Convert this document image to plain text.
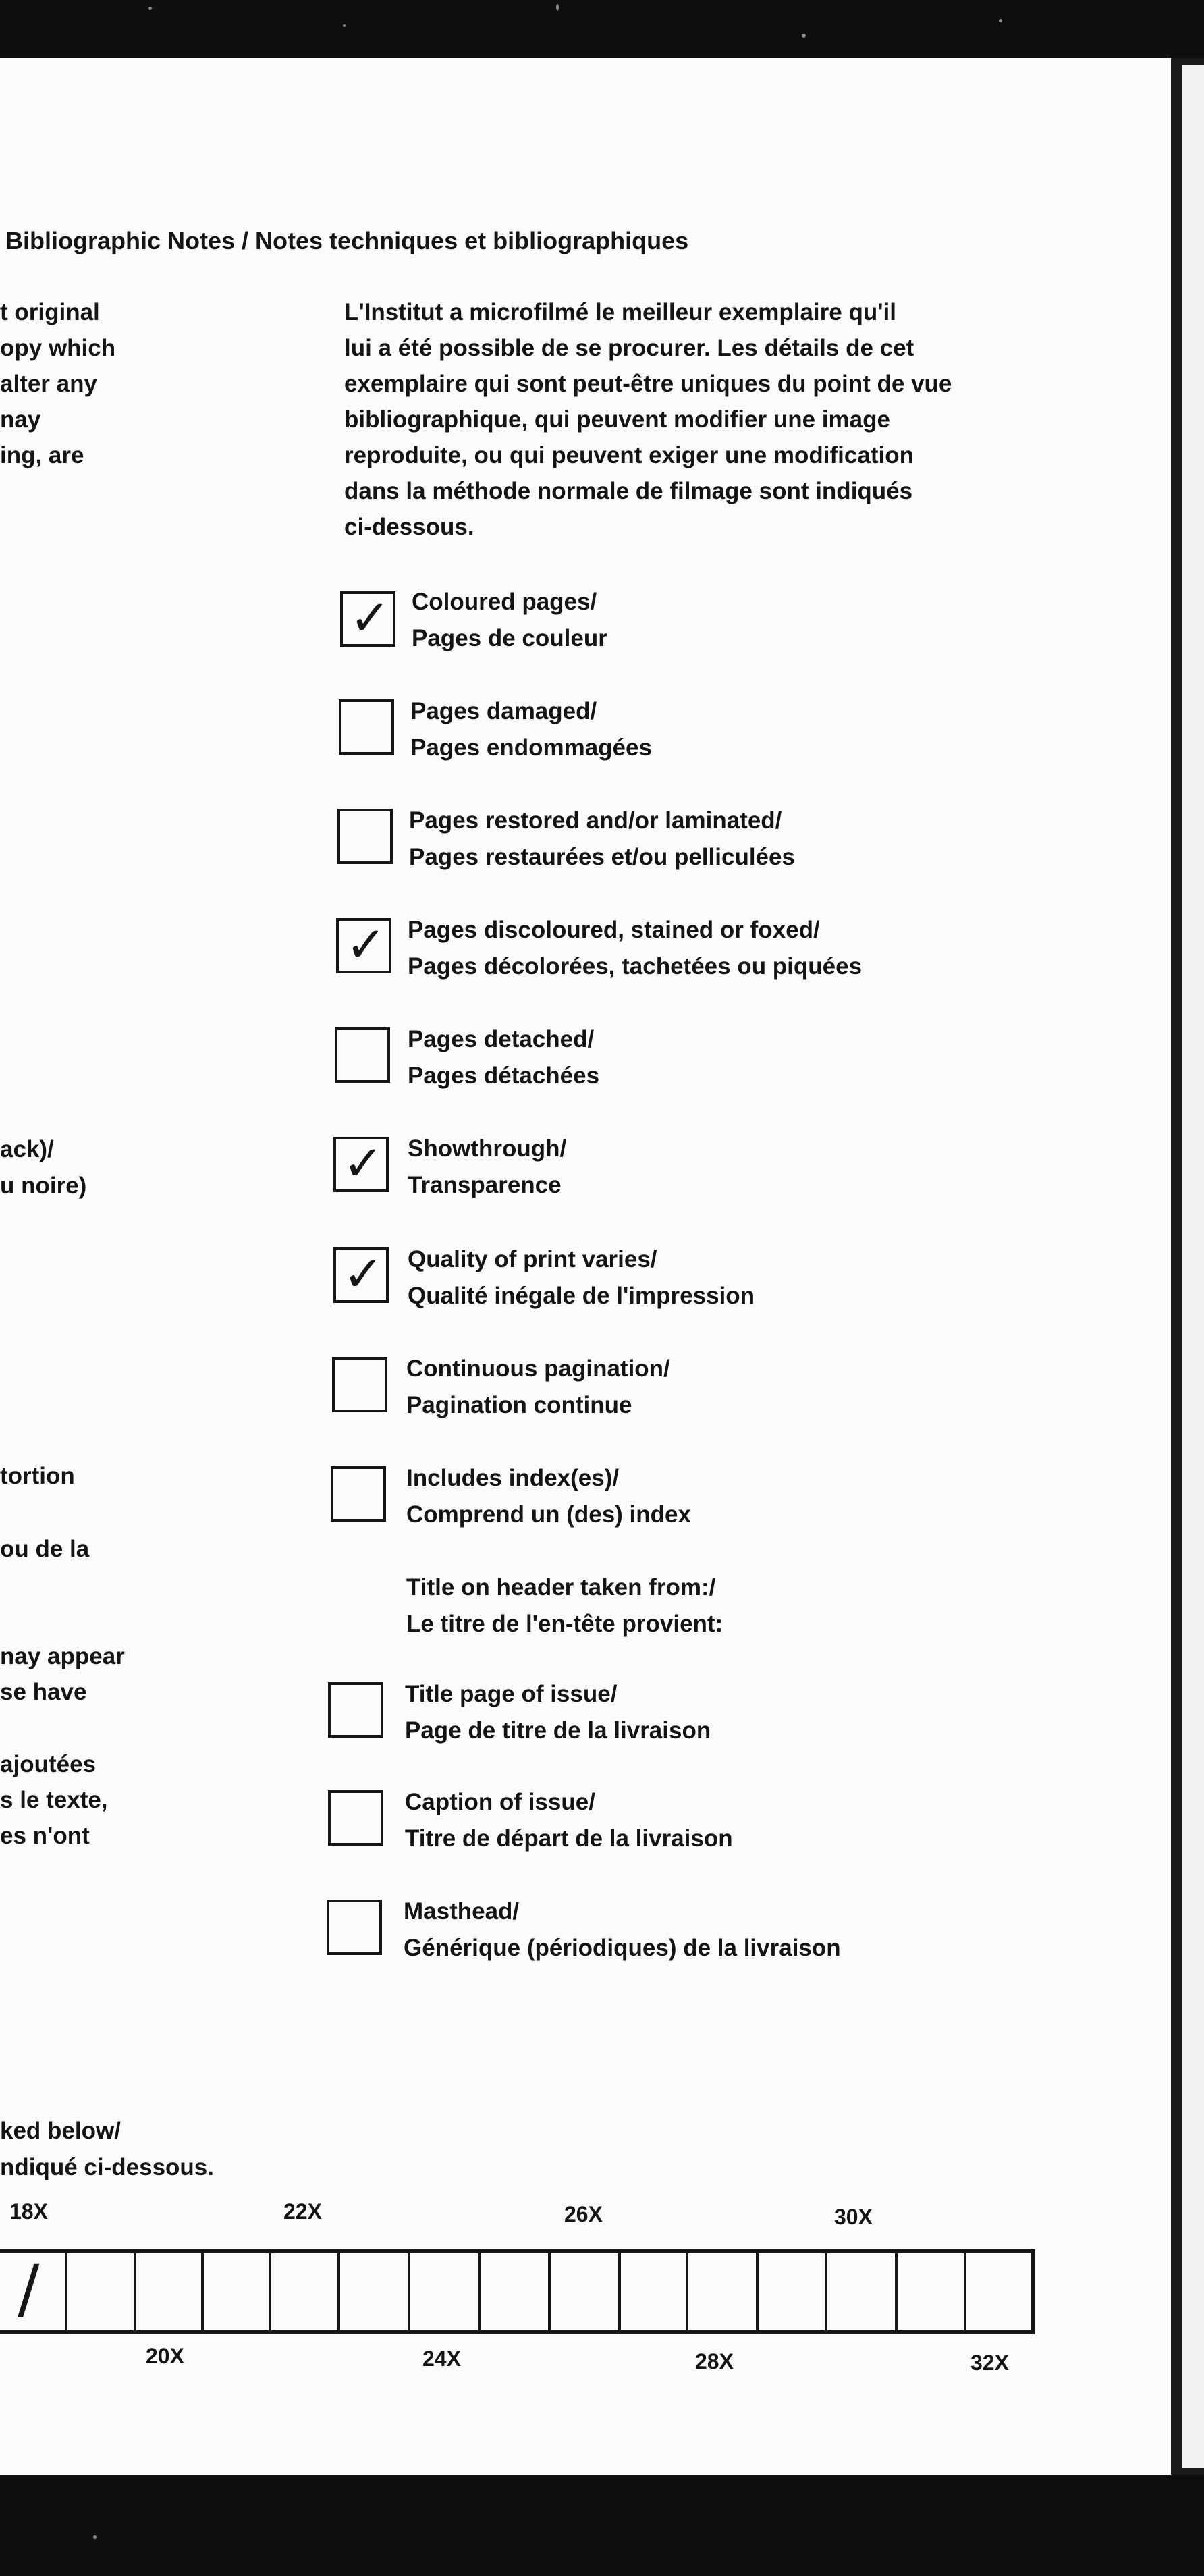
Bibliographic Notes / Notes techniques et bibliographiques
t original
opy which
alter any
nay
ing, are
ack)/
u noire)
tortion
ou de la
nay appear
se have
ajoutées
s le texte,
es n'ont
ked below/
ndiqué ci-dessous.
L'Institut a microfilmé le meilleur exemplaire qu'il
lui a été possible de se procurer. Les détails de cet
exemplaire qui sont peut-être uniques du point de vue
bibliographique, qui peuvent modifier une image
reproduite, ou qui peuvent exiger une modification
dans la méthode normale de filmage sont indiqués
ci-dessous.
✓ Coloured pages/
Pages de couleur
Pages damaged/
Pages endommagées
Pages restored and/or laminated/
Pages restaurées et/ou pelliculées
✓ Pages discoloured, stained or foxed/
Pages décolorées, tachetées ou piquées
Pages detached/
Pages détachées
✓ Showthrough/
Transparence
✓ Quality of print varies/
Qualité inégale de l'impression
Continuous pagination/
Pagination continue
Includes index(es)/
Comprend un (des) index
Title on header taken from:/
Le titre de l'en-tête provient:
Title page of issue/
Page de titre de la livraison
Caption of issue/
Titre de départ de la livraison
Masthead/
Générique (périodiques) de la livraison
18X	22X	26X	30X
/
20X	24X	28X	32X
